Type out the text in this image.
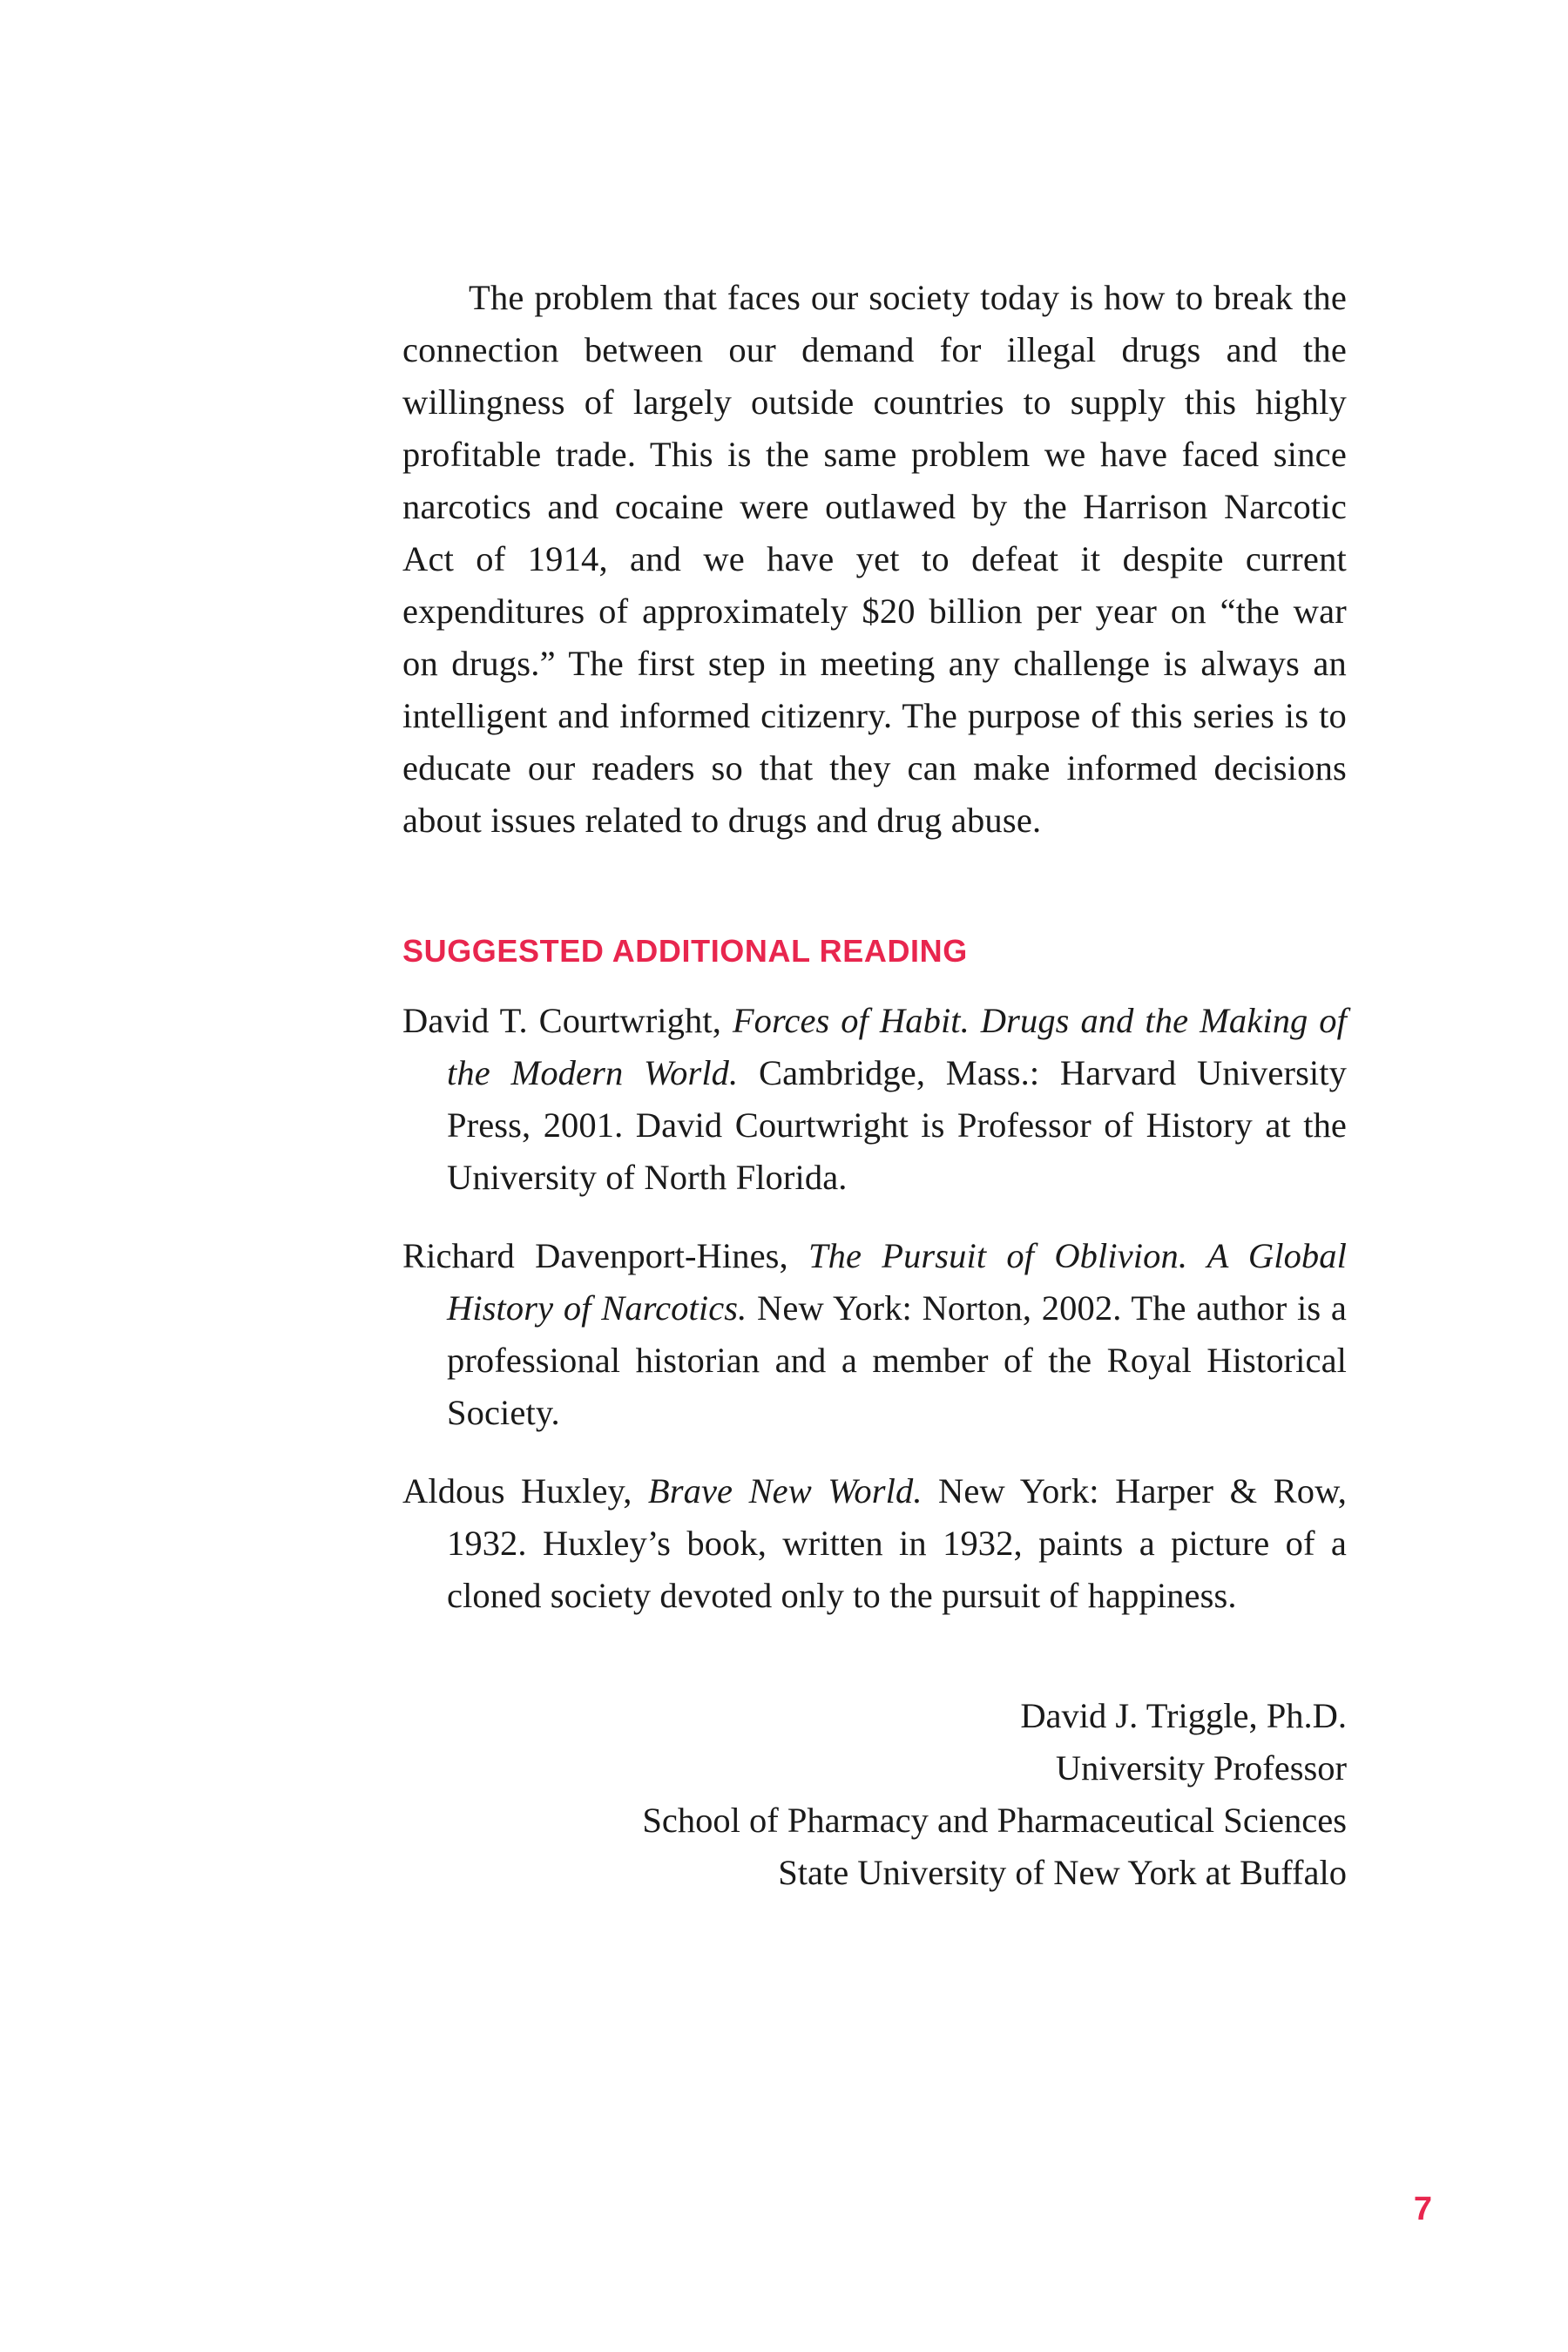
The problem that faces our society today is how to break the connection between our demand for illegal drugs and the willingness of largely outside countries to supply this highly profitable trade. This is the same problem we have faced since narcotics and cocaine were outlawed by the Harrison Narcotic Act of 1914, and we have yet to defeat it despite current expenditures of approximately $20 billion per year on “the war on drugs.” The first step in meeting any challenge is always an intelligent and informed citizenry. The purpose of this series is to educate our readers so that they can make informed decisions about issues related to drugs and drug abuse.

SUGGESTED ADDITIONAL READING
David T. Courtwright, Forces of Habit. Drugs and the Making of the Modern World. Cambridge, Mass.: Harvard University Press, 2001. David Courtwright is Professor of History at the University of North Florida.
Richard Davenport-Hines, The Pursuit of Oblivion. A Global History of Narcotics. New York: Norton, 2002. The author is a professional historian and a member of the Royal Historical Society.
Aldous Huxley, Brave New World. New York: Harper & Row, 1932. Huxley’s book, written in 1932, paints a picture of a cloned society devoted only to the pursuit of happiness.
David J. Triggle, Ph.D.
University Professor
School of Pharmacy and Pharmaceutical Sciences
State University of New York at Buffalo
7
